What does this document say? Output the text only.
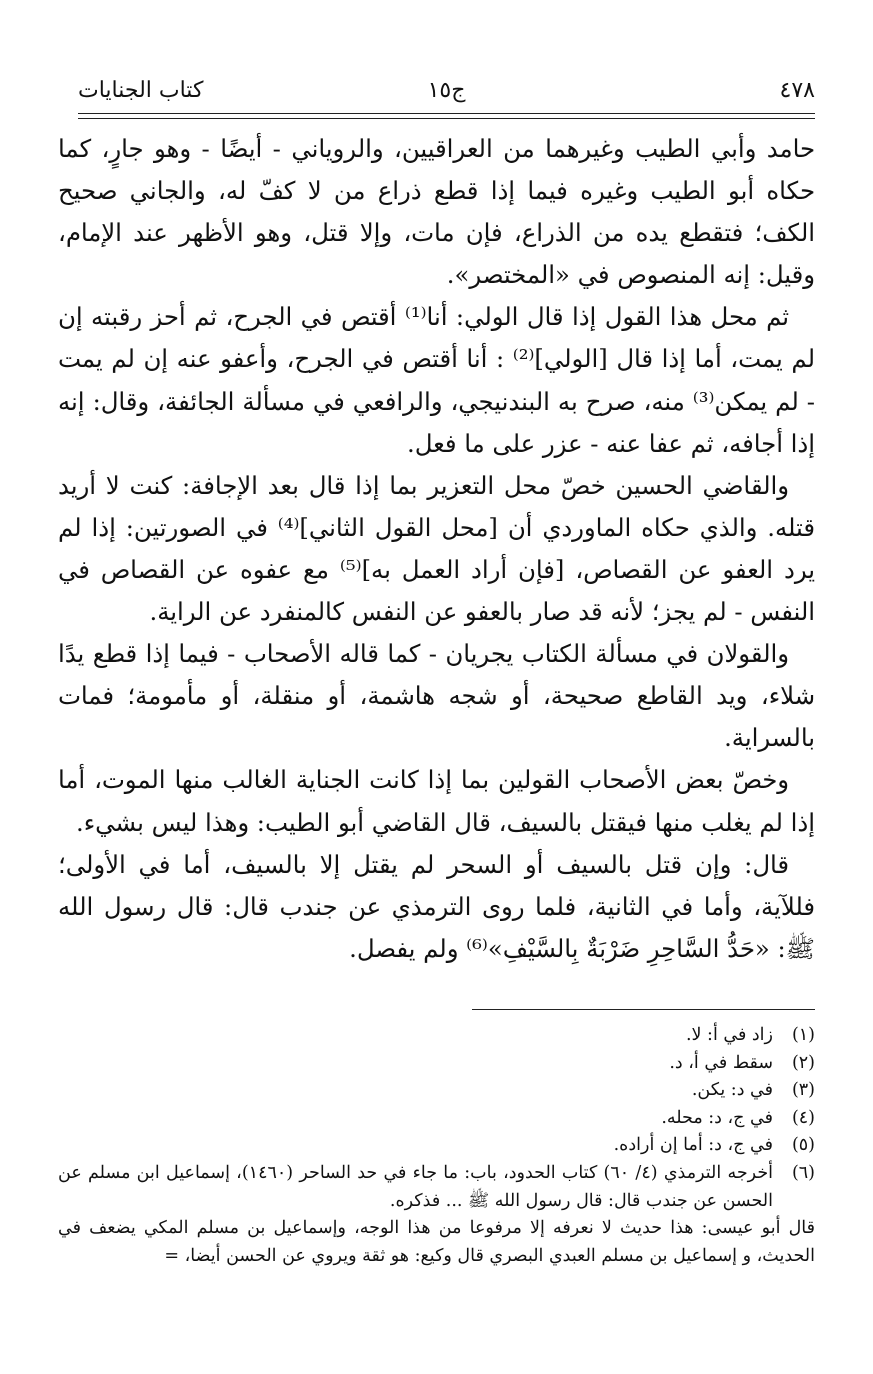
٤٧٨
ج١٥
كتاب الجنايات

حامد وأبي الطيب وغيرهما من العراقيين، والروياني - أيضًا - وهو جارٍ، كما حكاه أبو الطيب وغيره فيما إذا قطع ذراع من لا كفّ له، والجاني صحيح الكف؛ فتقطع يده من الذراع، فإن مات، وإلا قتل، وهو الأظهر عند الإمام، وقيل: إنه المنصوص في «المختصر».

ثم محل هذا القول إذا قال الولي: أنا⁽¹⁾ أقتص في الجرح، ثم أحز رقبته إن لم يمت، أما إذا قال [الولي]⁽²⁾ : أنا أقتص في الجرح، وأعفو عنه إن لم يمت - لم يمكن⁽³⁾ منه، صرح به البندنيجي، والرافعي في مسألة الجائفة، وقال: إنه إذا أجافه، ثم عفا عنه - عزر على ما فعل.

والقاضي الحسين خصّ محل التعزير بما إذا قال بعد الإجافة: كنت لا أريد قتله. والذي حكاه الماوردي أن [محل القول الثاني]⁽⁴⁾ في الصورتين: إذا لم يرد العفو عن القصاص، [فإن أراد العمل به]⁽⁵⁾ مع عفوه عن القصاص في النفس - لم يجز؛ لأنه قد صار بالعفو عن النفس كالمنفرد عن الراية.

والقولان في مسألة الكتاب يجريان - كما قاله الأصحاب - فيما إذا قطع يدًا شلاء، ويد القاطع صحيحة، أو شجه هاشمة، أو منقلة، أو مأمومة؛ فمات بالسراية.

وخصّ بعض الأصحاب القولين بما إذا كانت الجناية الغالب منها الموت، أما إذا لم يغلب منها فيقتل بالسيف، قال القاضي أبو الطيب: وهذا ليس بشيء.

قال: وإن قتل بالسيف أو السحر لم يقتل إلا بالسيف، أما في الأولى؛ فللآية، وأما في الثانية، فلما روى الترمذي عن جندب قال: قال رسول الله ﷺ: «حَدُّ السَّاحِرِ ضَرْبَةٌ بِالسَّيْفِ»⁽⁶⁾ ولم يفصل.

(١)
زاد في أ: لا.
(٢)
سقط في أ، د.
(٣)
في د: يكن.
(٤)
في ج، د: محله.
(٥)
في ج، د: أما إن أراده.
(٦)
أخرجه الترمذي (٤/ ٦٠) كتاب الحدود، باب: ما جاء في حد الساحر (١٤٦٠)، إسماعيل ابن مسلم عن الحسن عن جندب قال: قال رسول الله ﷺ ... فذكره.
قال أبو عيسى: هذا حديث لا نعرفه إلا مرفوعا من هذا الوجه، وإسماعيل بن مسلم المكي يضعف في الحديث، و إسماعيل بن مسلم العبدي البصري قال وكيع: هو ثقة ويروي عن الحسن أيضا، =
